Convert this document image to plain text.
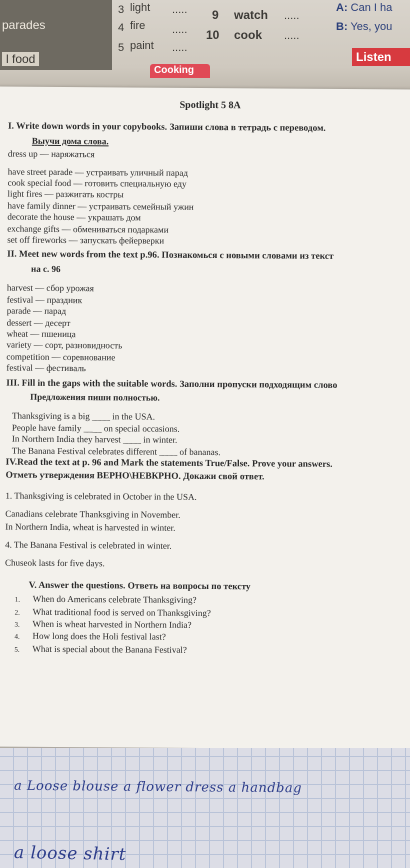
parades
l food
3 light
4 fire
5 paint
.....
.....
.....
9 watch
10 cook
.....
.....
A: Can I ha
B: Yes, you
Listen
Cooking
Spotlight 5 8A
I. Write down words in your copybooks. Запиши слова в тетрадь с переводом.
Выучи дома слова.
dress up — наряжаться
have street parade — устраивать уличный парад
cook special food — готовить специальную еду
light fires — разжигать костры
have family dinner — устраивать семейный ужин
decorate the house — украшать дом
exchange gifts — обмениваться подарками
set off fireworks — запускать фейерверки
II. Meet new words from the text p.96. Познакомься с новыми словами из текст
на с. 96
harvest — сбор урожая
festival — праздник
parade — парад
dessert — десерт
wheat — пшеница
variety — сорт, разновидность
competition — соревнование
festival — фестиваль
III. Fill in the gaps with the suitable words. Заполни пропуски подходящим слово
Предложения пиши полностью.
Thanksgiving is a big ____ in the USA.
People have family ____ on special occasions.
In Northern India they harvest ____ in winter.
The Banana Festival celebrates different ____ of bananas.
IV.Read the text at p. 96 and Mark the statements True/False. Prove your answers.
Отметь утверждения ВЕРНО\НЕВКРНО. Докажи свой ответ.
1. Thanksgiving is celebrated in October in the USA.
Canadians celebrate Thanksgiving in November.
In Northern India, wheat is harvested in winter.
4. The Banana Festival is celebrated in winter.
Chuseok lasts for five days.
V. Answer the questions. Ответь на вопросы по тексту
1. When do Americans celebrate Thanksgiving?
2. What traditional food is served on Thanksgiving?
3. When is wheat harvested in Northern India?
4. How long does the Holi festival last?
5. What is special about the Banana Festival?
a Loose blouse a flower dress a handbag
a loose shirt
